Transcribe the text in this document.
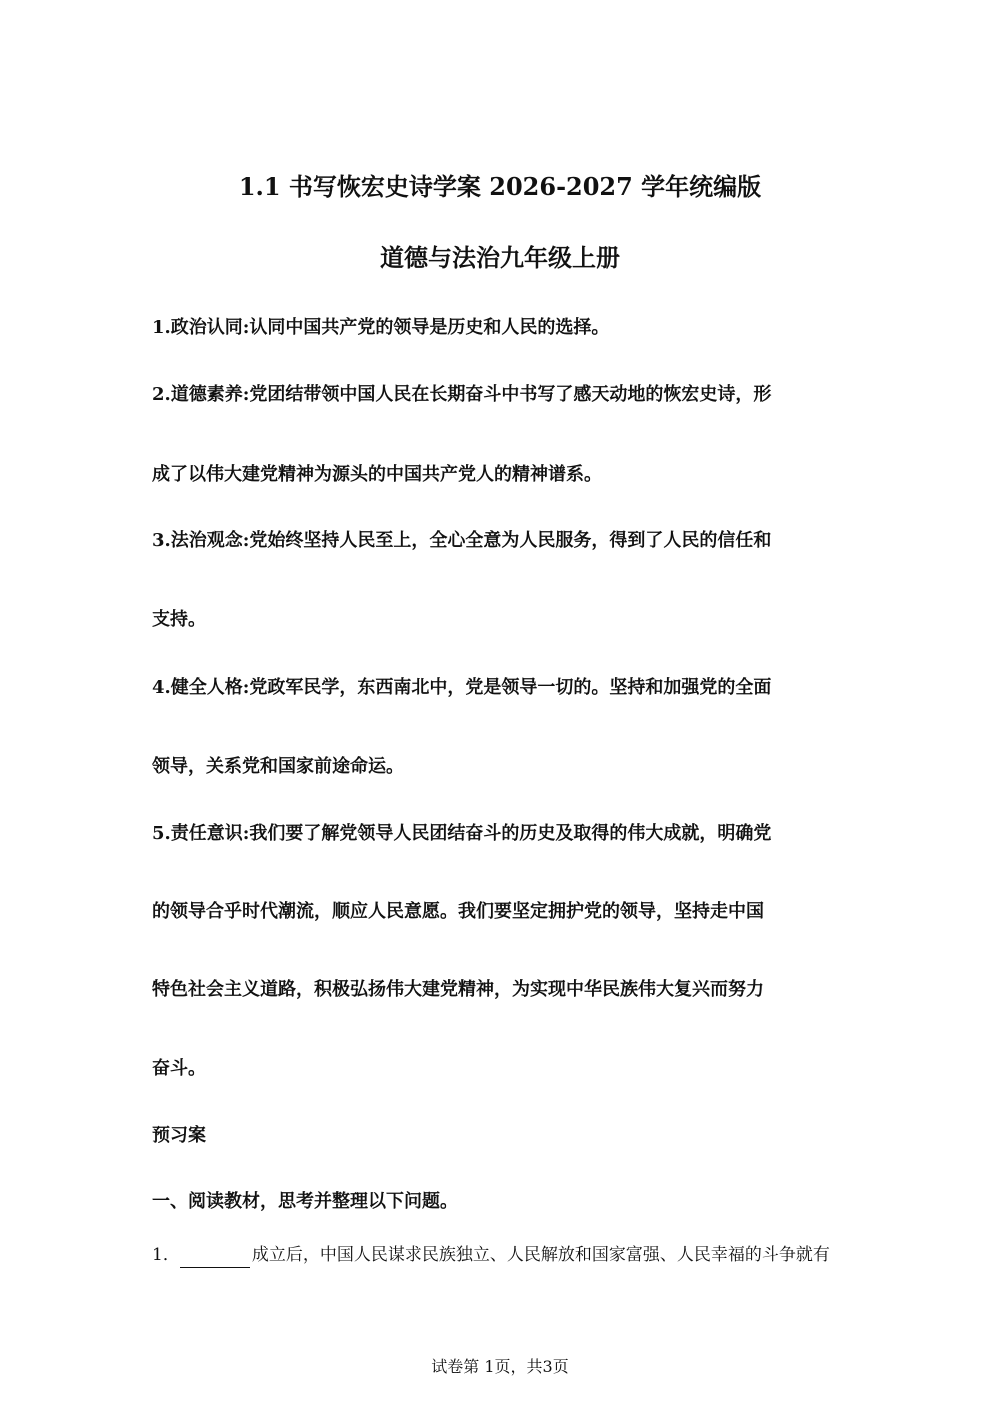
1.1 书写恢宏史诗学案 2026-2027 学年统编版
道德与法治九年级上册
1.政治认同:认同中国共产党的领导是历史和人民的选择。
2.道德素养:党团结带领中国人民在长期奋斗中书写了感天动地的恢宏史诗，形
成了以伟大建党精神为源头的中国共产党人的精神谱系。
3.法治观念:党始终坚持人民至上，全心全意为人民服务，得到了人民的信任和
支持。
4.健全人格:党政军民学，东西南北中，党是领导一切的。坚持和加强党的全面
领导，关系党和国家前途命运。
5.责任意识:我们要了解党领导人民团结奋斗的历史及取得的伟大成就，明确党
的领导合乎时代潮流，顺应人民意愿。我们要坚定拥护党的领导，坚持走中国
特色社会主义道路，积极弘扬伟大建党精神，为实现中华民族伟大复兴而努力
奋斗。
预习案
一、阅读教材，思考并整理以下问题。
1．	成立后，中国人民谋求民族独立、人民解放和国家富强、人民幸福的斗争就有
试卷第 1页，共3页
